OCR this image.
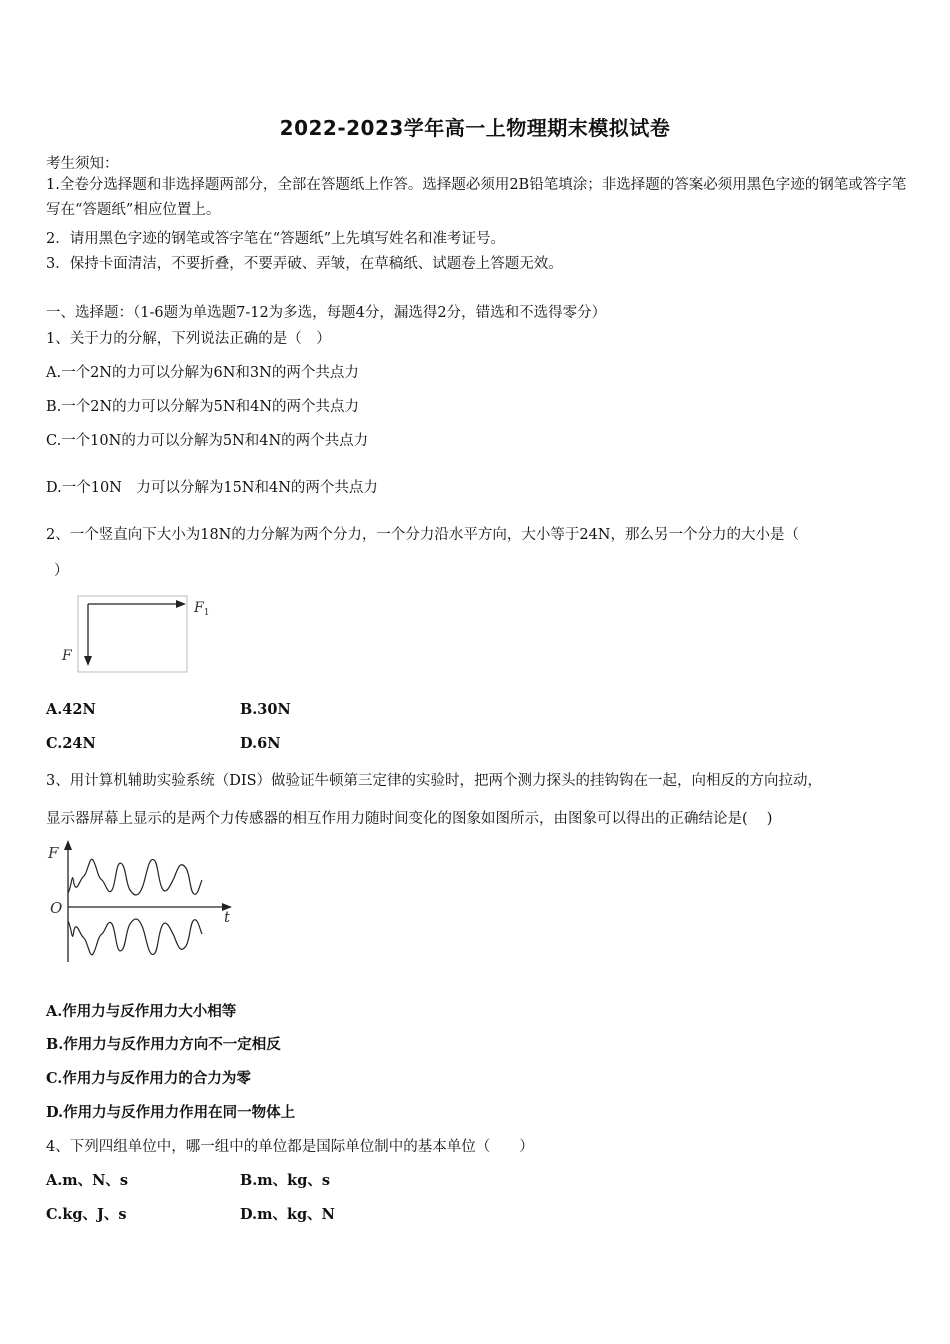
2022-2023学年高一上物理期末模拟试卷
考生须知：
1.全卷分选择题和非选择题两部分，全部在答题纸上作答。选择题必须用2B铅笔填涂；非选择题的答案必须用黑色字迹的钢笔或答字笔写在“答题纸”相应位置上。
2．请用黑色字迹的钢笔或答字笔在“答题纸”上先填写姓名和准考证号。
3．保持卡面清洁，不要折叠，不要弄破、弄皱，在草稿纸、试题卷上答题无效。
一、选择题：（1-6题为单选题7-12为多选，每题4分，漏选得2分，错选和不选得零分）
1、关于力的分解，下列说法正确的是（　）
A.一个2N的力可以分解为6N和3N的两个共点力
B.一个2N的力可以分解为5N和4N的两个共点力
C.一个10N的力可以分解为5N和4N的两个共点力
D.一个10N　力可以分解为15N和4N的两个共点力
2、一个竖直向下大小为18N的力分解为两个分力，一个分力沿水平方向，大小等于24N，那么另一个分力的大小是（
）
$F_1$
F
A.42N	B.30N
C.24N	D.6N
3、用计算机辅助实验系统（DIS）做验证牛顿第三定律的实验时，把两个测力探头的挂钩钩在一起，向相反的方向拉动，
显示器屏幕上显示的是两个力传感器的相互作用力随时间变化的图象如图所示，由图象可以得出的正确结论是(　 )
F
O	t
A.作用力与反作用力大小相等
B.作用力与反作用力方向不一定相反
C.作用力与反作用力的合力为零
D.作用力与反作用力作用在同一物体上
4、下列四组单位中，哪一组中的单位都是国际单位制中的基本单位（　　）
A.m、N、s	B.m、kg、s
C.kg、J、s	D.m、kg、N
